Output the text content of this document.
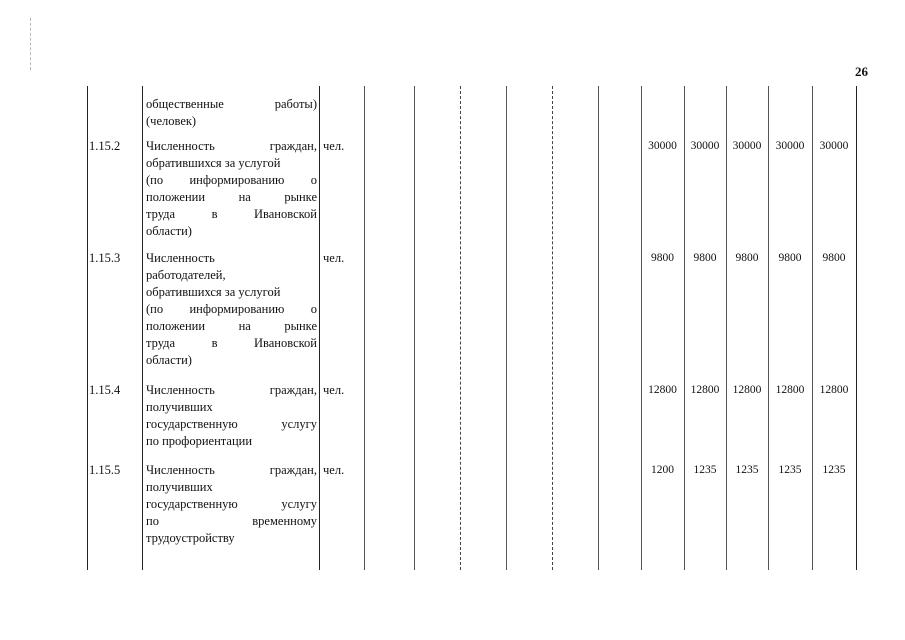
26
общественные работы)
(человек)
1.15.2	Численность граждан,
обратившихся за услугой
(по информированию о
положении на рынке
труда в Ивановской
области)
чел.	30000	30000	30000	30000	30000
1.15.3	Численность
работодателей,
обратившихся за услугой
(по информированию о
положении на рынке
труда в Ивановской
области)
чел.	9800	9800	9800	9800	9800
1.15.4	Численность граждан,
получивших
государственную услугу
по профориентации
чел.	12800	12800	12800	12800	12800
1.15.5	Численность граждан,
получивших
государственную услугу
по временному
трудоустройству
чел.	1200	1235	1235	1235	1235
